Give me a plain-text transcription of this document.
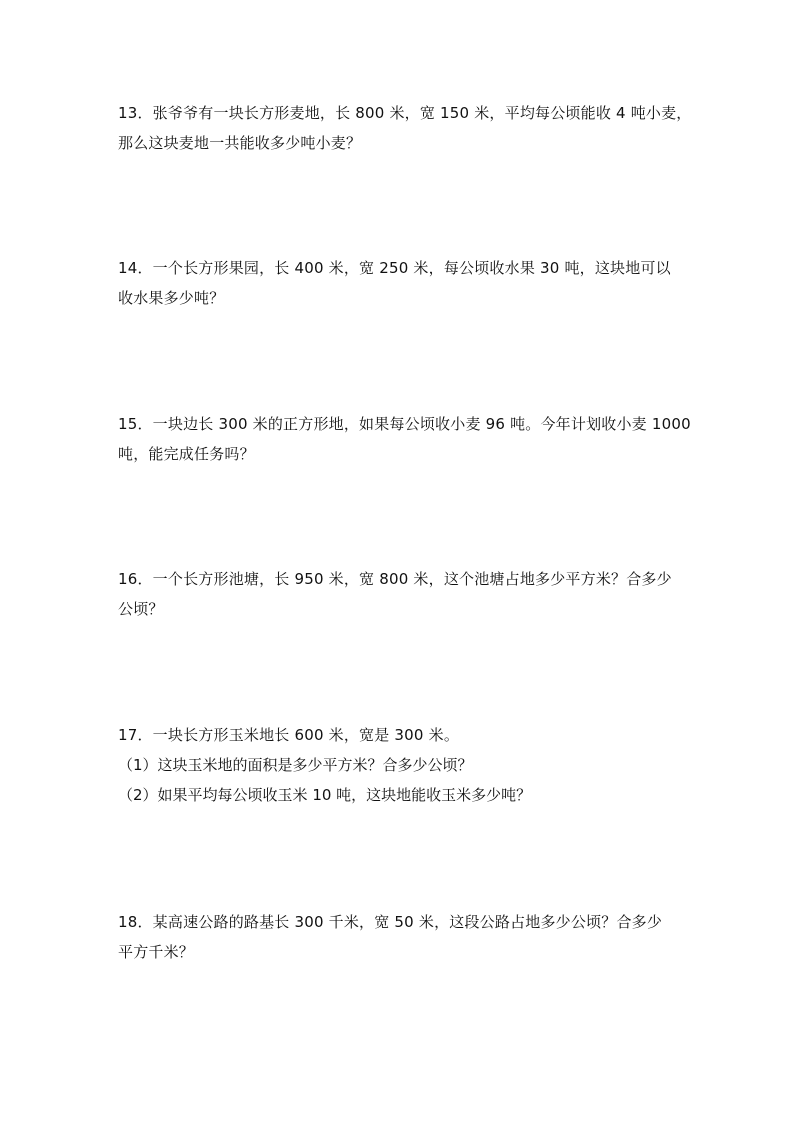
13．张爷爷有一块长方形麦地，长 800 米，宽 150 米，平均每公顷能收 4 吨小麦，
那么这块麦地一共能收多少吨小麦？
14．一个长方形果园，长 400 米，宽 250 米，每公顷收水果 30 吨，这块地可以
收水果多少吨？
15．一块边长 300 米的正方形地，如果每公顷收小麦 96 吨。今年计划收小麦 1000
吨，能完成任务吗？
16．一个长方形池塘，长 950 米，宽 800 米，这个池塘占地多少平方米？合多少
公顷？
17．一块长方形玉米地长 600 米，宽是 300 米。
（1）这块玉米地的面积是多少平方米？合多少公顷？
（2）如果平均每公顷收玉米 10 吨，这块地能收玉米多少吨？
18．某高速公路的路基长 300 千米，宽 50 米，这段公路占地多少公顷？合多少
平方千米？
